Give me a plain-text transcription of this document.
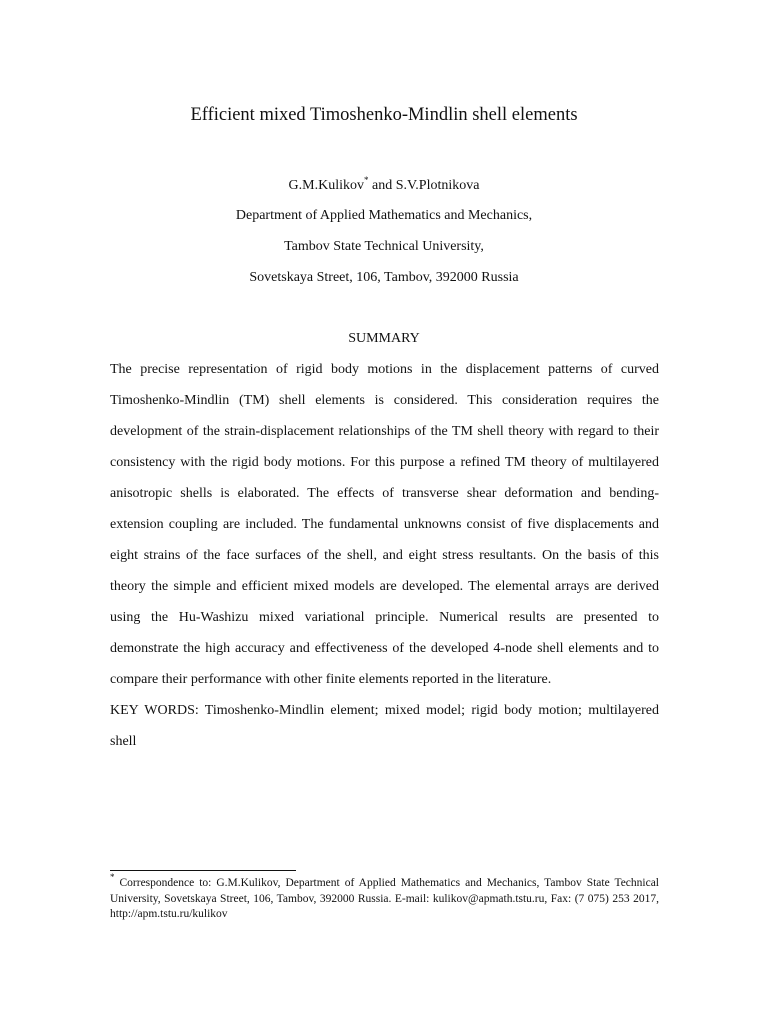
Efficient mixed Timoshenko-Mindlin shell elements
G.M.Kulikov* and S.V.Plotnikova
Department of Applied Mathematics and Mechanics,
Tambov State Technical University,
Sovetskaya Street, 106, Tambov, 392000 Russia
SUMMARY

The precise representation of rigid body motions in the displacement patterns of curved Timoshenko-Mindlin (TM) shell elements is considered. This consideration requires the development of the strain-displacement relationships of the TM shell theory with regard to their consistency with the rigid body motions. For this purpose a refined TM theory of multilayered anisotropic shells is elaborated. The effects of transverse shear deformation and bending-extension coupling are included. The fundamental unknowns consist of five displacements and eight strains of the face surfaces of the shell, and eight stress resultants. On the basis of this theory the simple and efficient mixed models are developed. The elemental arrays are derived using the Hu-Washizu mixed variational principle. Numerical results are presented to demonstrate the high accuracy and effectiveness of the developed 4-node shell elements and to compare their performance with other finite elements reported in the literature.

KEY WORDS: Timoshenko-Mindlin element; mixed model; rigid body motion; multilayered shell

* Correspondence to: G.M.Kulikov, Department of Applied Mathematics and Mechanics, Tambov State Technical University, Sovetskaya Street, 106, Tambov, 392000 Russia. E-mail: kulikov@apmath.tstu.ru, Fax: (7 075) 253 2017, http://apm.tstu.ru/kulikov
